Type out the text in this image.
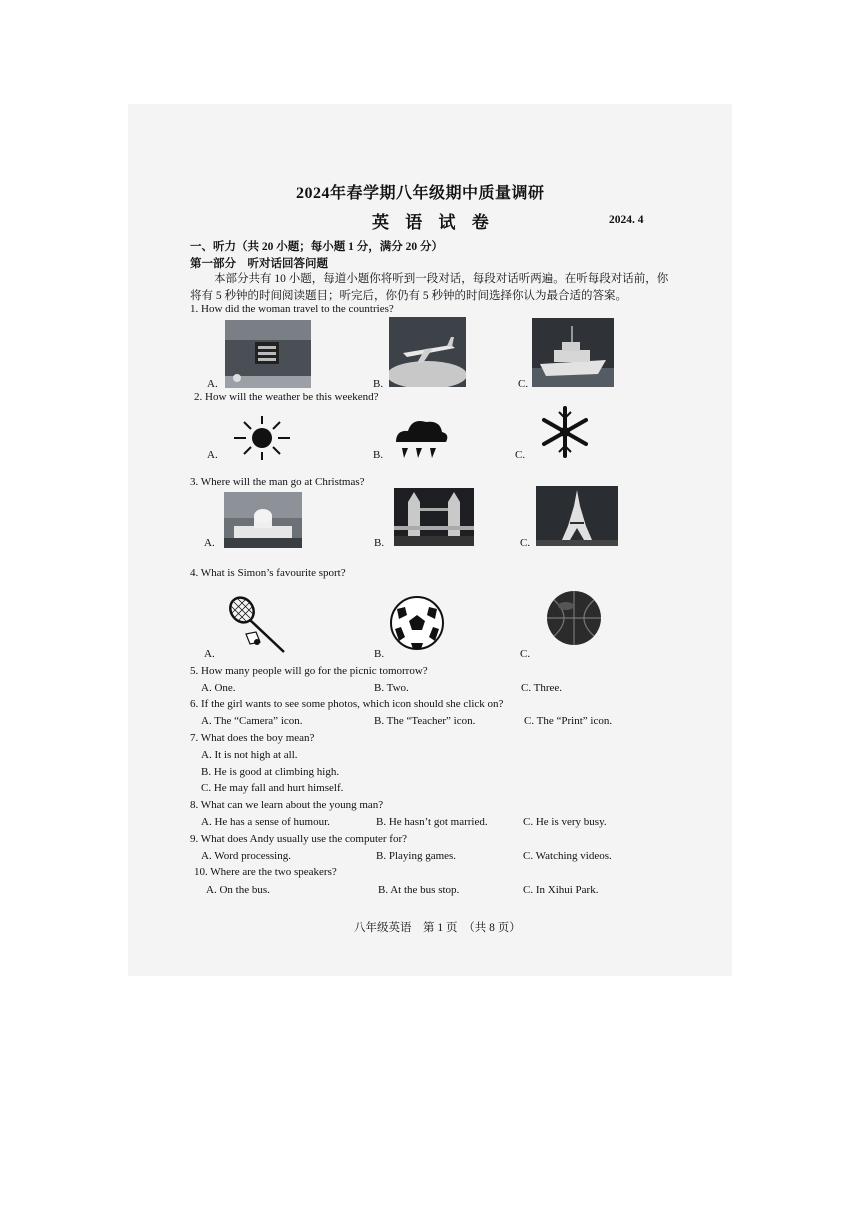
2024年春学期八年级期中质量调研
英 语 试 卷	2024. 4
一、听力（共 20 小题；每小题 1 分，满分 20 分）
第一部分　听对话回答问题
本部分共有 10 小题，每道小题你将听到一段对话，每段对话听两遍。在听每段对话前，你
将有 5 秒钟的时间阅读题目；听完后，你仍有 5 秒钟的时间选择你认为最合适的答案。
1. How did the woman travel to the countries?
A.	B.	C.
2. How will the weather be this weekend?
A.	B.	C.
3. Where will the man go at Christmas?
A.	B.	C.
4. What is Simon’s favourite sport?
A.	B.	C.
5. How many people will go for the picnic tomorrow?
A. One.	B. Two.	C. Three.
6. If the girl wants to see some photos, which icon should she click on?
A. The “Camera” icon.	B. The “Teacher” icon.	C. The “Print” icon.
7. What does the boy mean?
A. It is not high at all.
B. He is good at climbing high.
C. He may fall and hurt himself.
8. What can we learn about the young man?
A. He has a sense of humour.	B. He hasn’t got married.	C. He is very busy.
9. What does Andy usually use the computer for?
A. Word processing.	B. Playing games.	C. Watching videos.
10. Where are the two speakers?
A. On the bus.	B. At the bus stop.	C. In Xihui Park.
八年级英语　第 1 页　（共 8 页）
